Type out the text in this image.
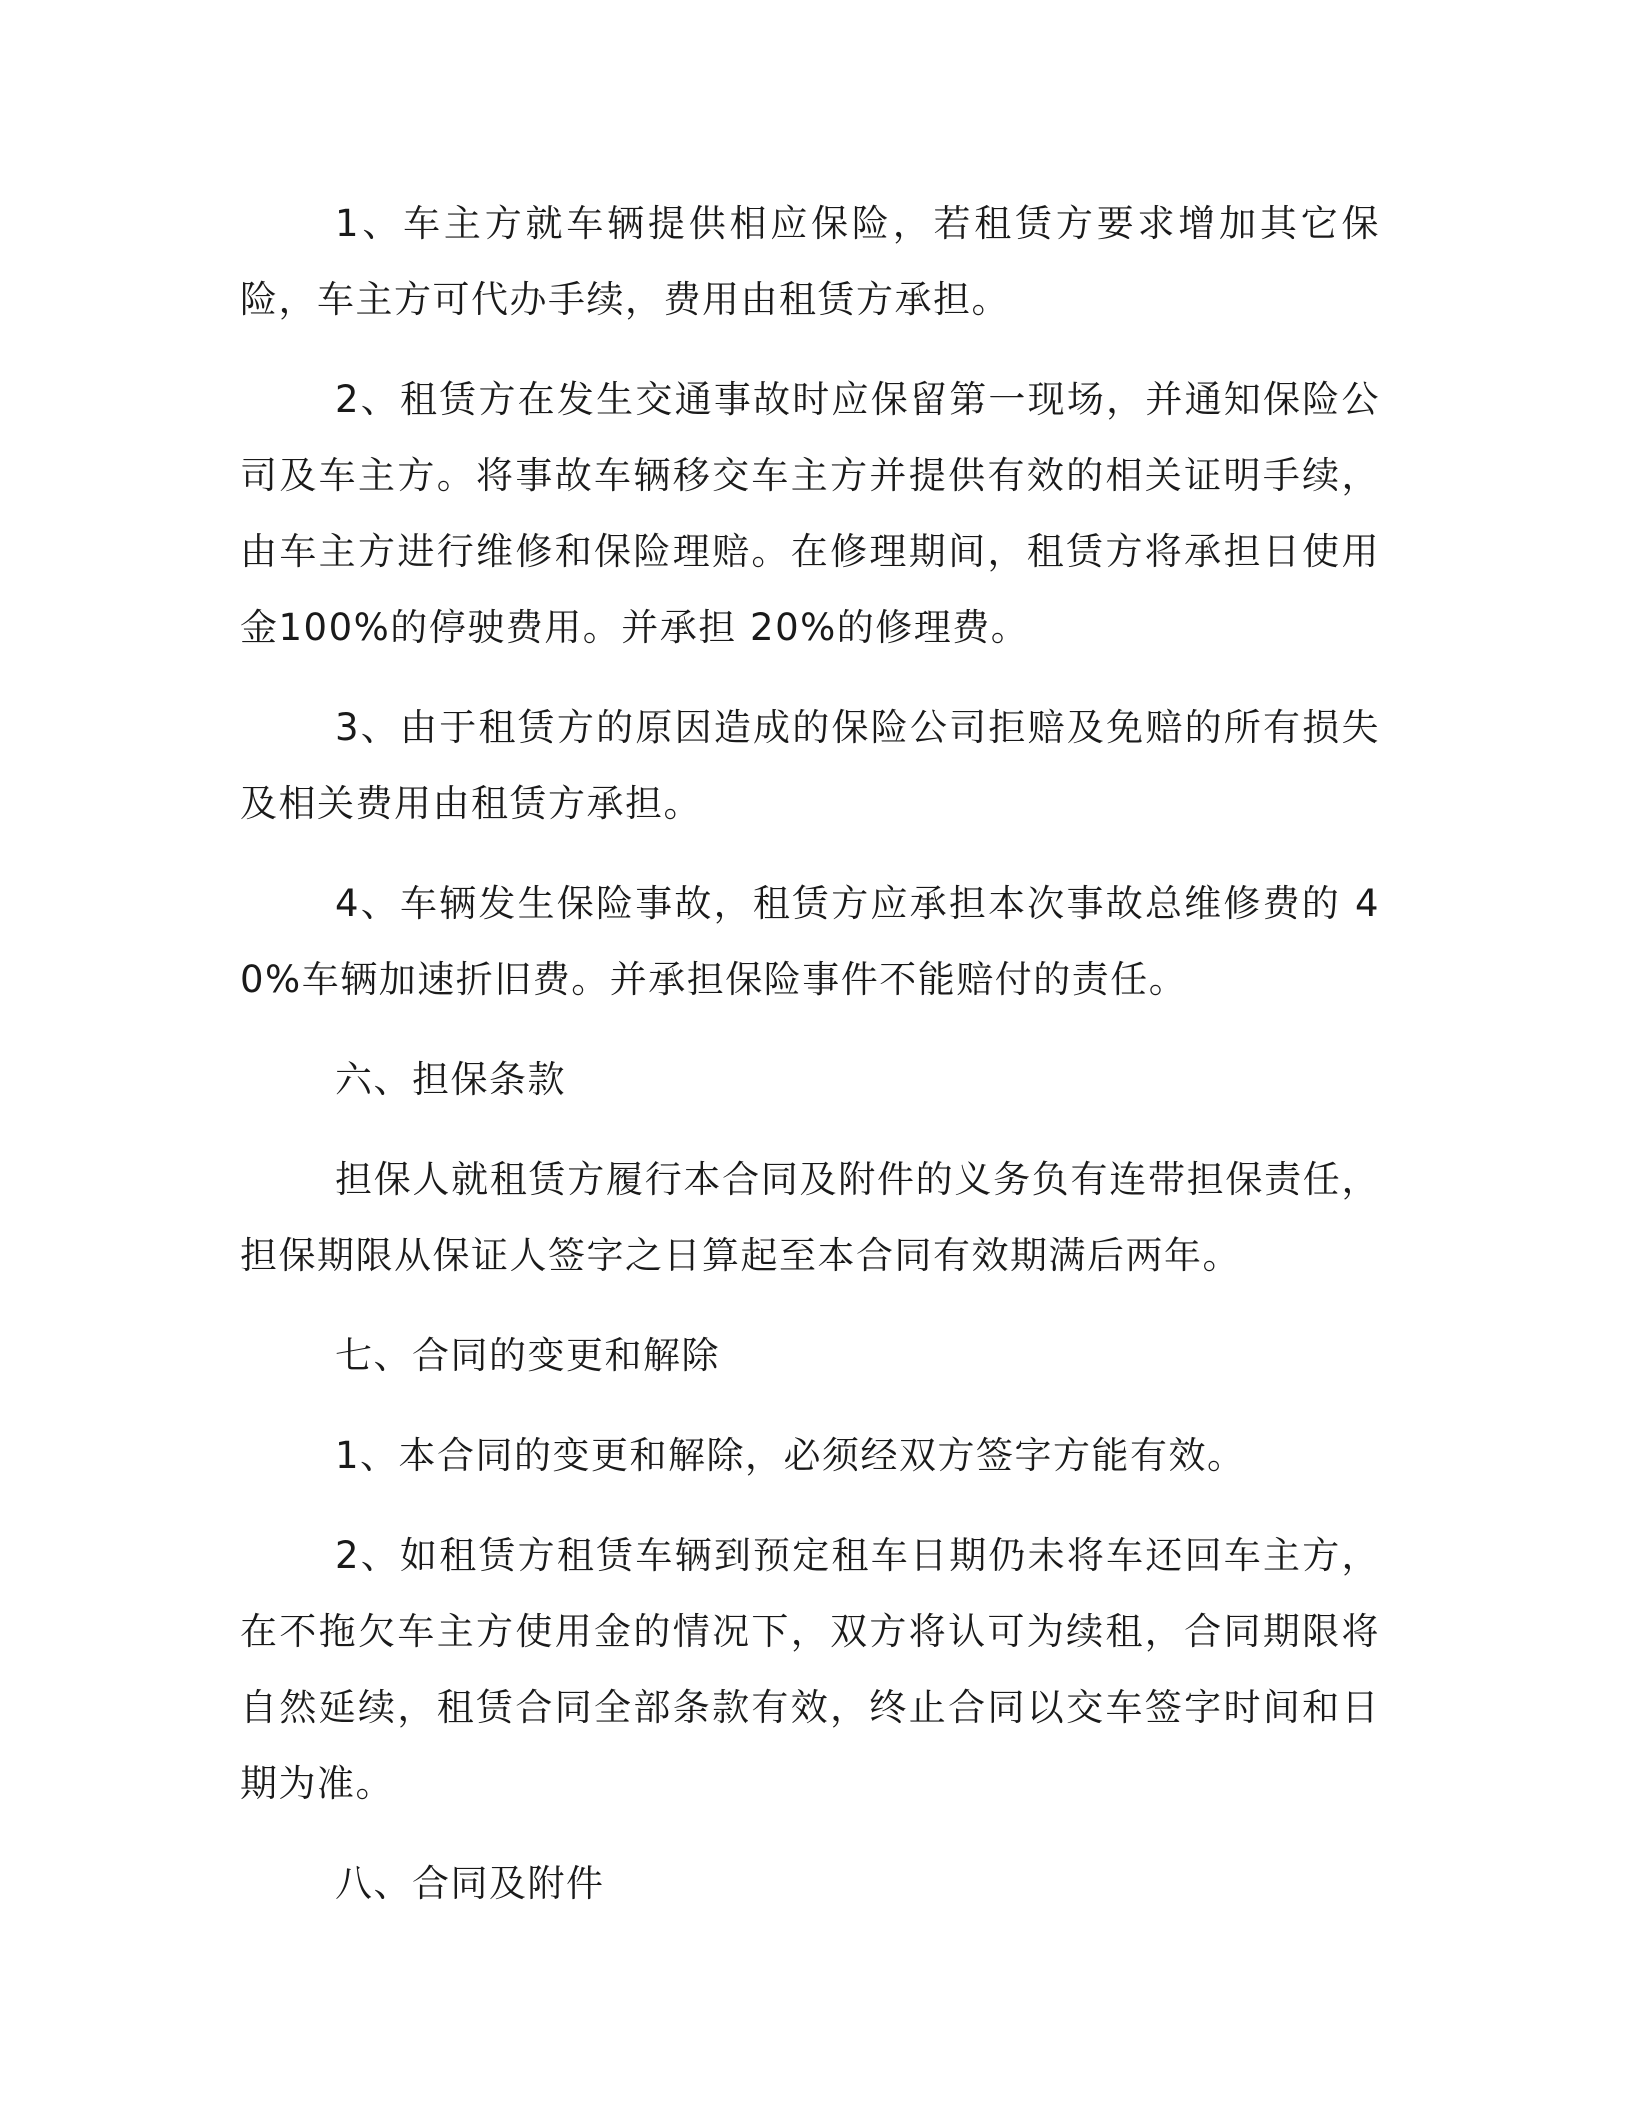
1、车主方就车辆提供相应保险，若租赁方要求增加其它保险，车主方可代办手续，费用由租赁方承担。

2、租赁方在发生交通事故时应保留第一现场，并通知保险公司及车主方。将事故车辆移交车主方并提供有效的相关证明手续，由车主方进行维修和保险理赔。在修理期间，租赁方将承担日使用金100%的停驶费用。并承担 20%的修理费。

3、由于租赁方的原因造成的保险公司拒赔及免赔的所有损失及相关费用由租赁方承担。

4、车辆发生保险事故，租赁方应承担本次事故总维修费的 40%车辆加速折旧费。并承担保险事件不能赔付的责任。

六、担保条款

担保人就租赁方履行本合同及附件的义务负有连带担保责任，担保期限从保证人签字之日算起至本合同有效期满后两年。

七、合同的变更和解除

1、本合同的变更和解除，必须经双方签字方能有效。

2、如租赁方租赁车辆到预定租车日期仍未将车还回车主方，在不拖欠车主方使用金的情况下，双方将认可为续租，合同期限将自然延续，租赁合同全部条款有效，终止合同以交车签字时间和日期为准。

八、合同及附件
